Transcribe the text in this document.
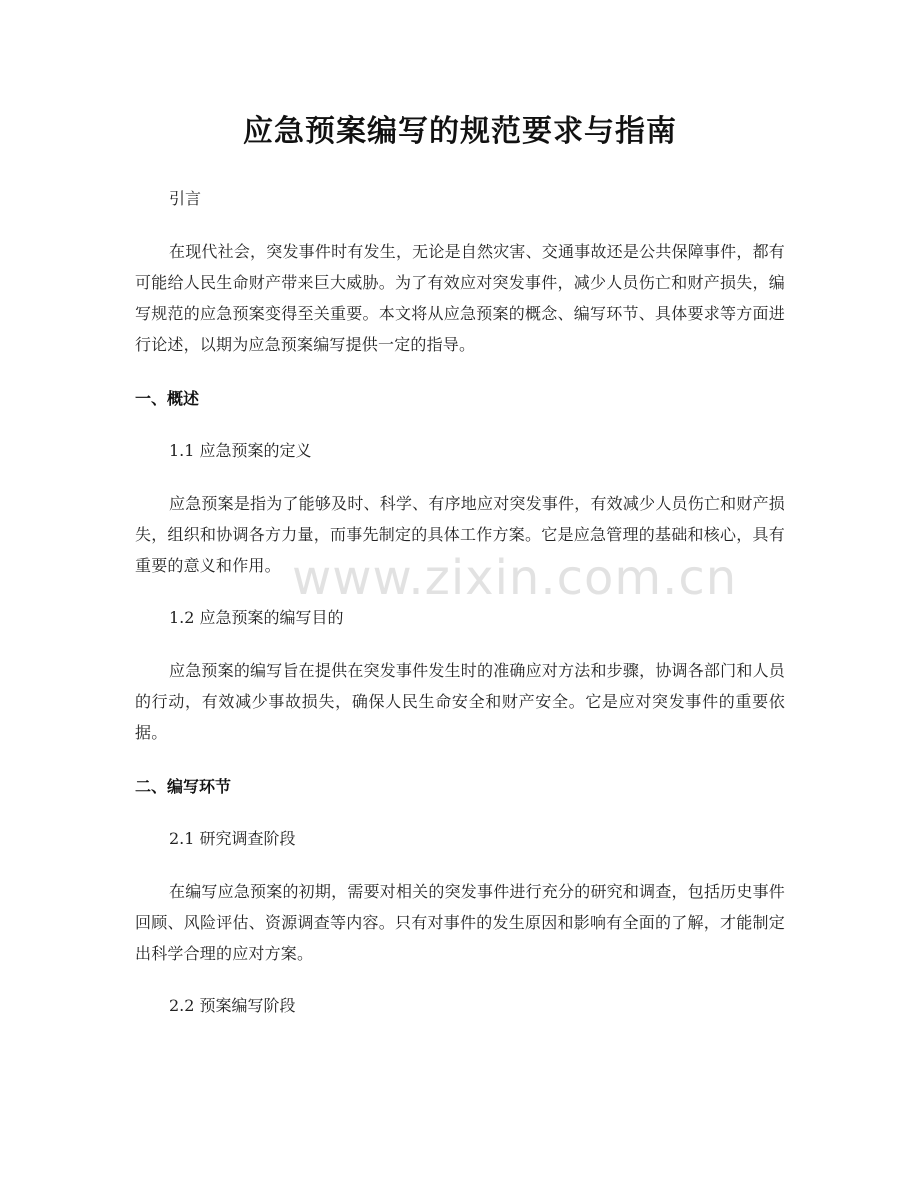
应急预案编写的规范要求与指南

引言

在现代社会，突发事件时有发生，无论是自然灾害、交通事故还是公共保障事件，都有可能给人民生命财产带来巨大威胁。为了有效应对突发事件，减少人员伤亡和财产损失，编写规范的应急预案变得至关重要。本文将从应急预案的概念、编写环节、具体要求等方面进行论述，以期为应急预案编写提供一定的指导。

一、概述

1.1 应急预案的定义

应急预案是指为了能够及时、科学、有序地应对突发事件，有效减少人员伤亡和财产损失，组织和协调各方力量，而事先制定的具体工作方案。它是应急管理的基础和核心，具有重要的意义和作用。

1.2 应急预案的编写目的

应急预案的编写旨在提供在突发事件发生时的准确应对方法和步骤，协调各部门和人员的行动，有效减少事故损失，确保人民生命安全和财产安全。它是应对突发事件的重要依据。

二、编写环节

2.1 研究调查阶段

在编写应急预案的初期，需要对相关的突发事件进行充分的研究和调查，包括历史事件回顾、风险评估、资源调查等内容。只有对事件的发生原因和影响有全面的了解，才能制定出科学合理的应对方案。

2.2 预案编写阶段

www.zixin.com.cn
